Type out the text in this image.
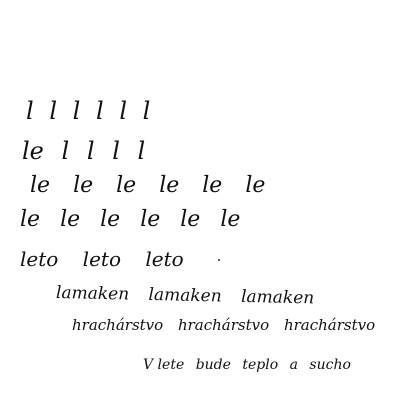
l l l l l l
le l l l l
le le le le le le
le le le le le le
leto leto leto
lamaken lamaken lamaken
hrachárstvo hrachárstvo hrachárstvo
V lete bude teplo a sucho
